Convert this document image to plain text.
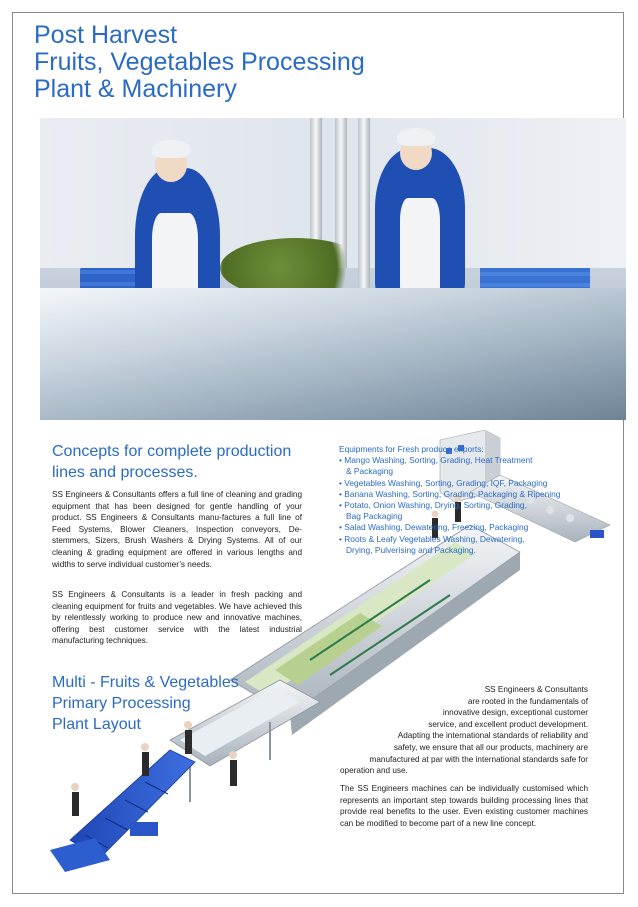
Post Harvest
Fruits, Vegetables Processing
Plant & Machinery
Concepts for complete production
lines and processes.

SS Engineers & Consultants offers a full line of cleaning and grading equipment that has been designed for gentle handling of your product. SS Engineers & Consultants manu-factures a full line of Feed Systems, Blower Cleaners, Inspection conveyors, De-stemmers, Sizers, Brush Washers & Drying Systems. All of our cleaning & grading equipment are offered in various lengths and widths to serve individual customer’s needs.

SS Engineers & Consultants is a leader in fresh packing and cleaning equipment for fruits and vegetables. We have achieved this by relentlessly working to produce new and innovative machines, offering best customer service with the latest industrial manufacturing techniques.

Multi - Fruits & Vegetables
Primary Processing
Plant Layout
Equipments for Fresh produce exports:
• Mango Washing, Sorting, Grading, Heat Treatment
& Packaging
• Vegetables Washing, Sorting, Grading, IQF, Packaging
• Banana Washing, Sorting, Grading, Packaging & Ripening
• Potato, Onion Washing, Drying, Sorting, Grading,
Bag Packaging
• Salad Washing, Dewatering, Freezing, Packaging
• Roots & Leafy Vegetables Washing, Dewatering,
Drying, Pulverising and Packaging.
SS Engineers & Consultants
are rooted in the fundamentals of
innovative design, exceptional customer
service, and excellent product development.
Adapting the international standards of reliability and
safety, we ensure that all our products, machinery are
manufactured at par with the international standards safe for
operation and use.

The SS Engineers machines can be individually customised which represents an important step towards building processing lines that provide real benefits to the user. Even existing customer machines can be modified to become part of a new line concept.
